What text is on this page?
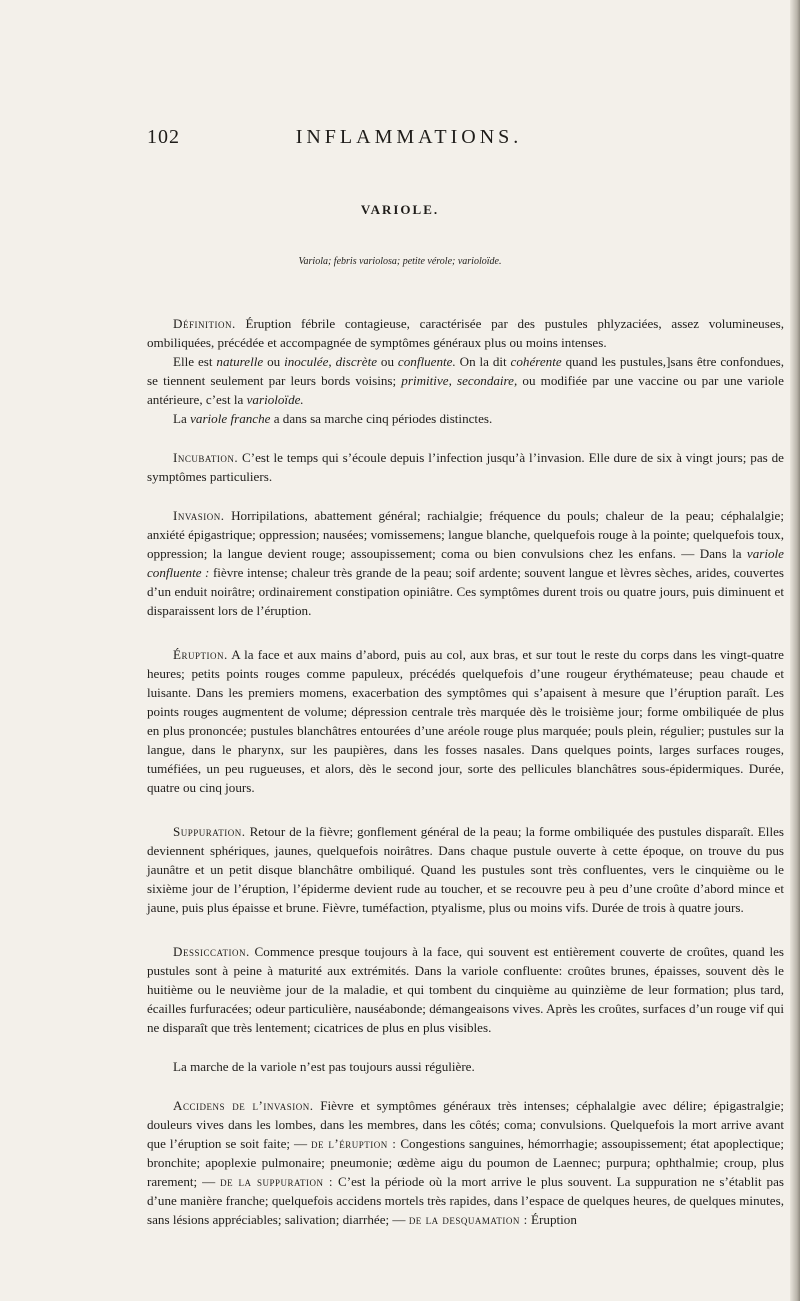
102	INFLAMMATIONS.
VARIOLE.
Variola; febris variolosa; petite vérole; varioloïde.

Définition. Éruption fébrile contagieuse, caractérisée par des pustules phlyzaciées, assez volumineuses, ombiliquées, précédée et accompagnée de symptômes généraux plus ou moins intenses.

Elle est naturelle ou inoculée, discrète ou confluente. On la dit cohérente quand les pustules,]sans être confondues, se tiennent seulement par leurs bords voisins; primitive, secondaire, ou modifiée par une vaccine ou par une variole antérieure, c’est la varioloïde.

La variole franche a dans sa marche cinq périodes distinctes.

Incubation. C’est le temps qui s’écoule depuis l’infection jusqu’à l’invasion. Elle dure de six à vingt jours; pas de symptômes particuliers.

Invasion. Horripilations, abattement général; rachialgie; fréquence du pouls; chaleur de la peau; céphalalgie; anxiété épigastrique; oppression; nausées; vomissemens; langue blanche, quelquefois rouge à la pointe; quelquefois toux, oppression; la langue devient rouge; assoupissement; coma ou bien convulsions chez les enfans. — Dans la variole confluente : fièvre intense; chaleur très grande de la peau; soif ardente; souvent langue et lèvres sèches, arides, couvertes d’un enduit noirâtre; ordinairement constipation opiniâtre. Ces symptômes durent trois ou quatre jours, puis diminuent et disparaissent lors de l’éruption.

Éruption. A la face et aux mains d’abord, puis au col, aux bras, et sur tout le reste du corps dans les vingt-quatre heures; petits points rouges comme papuleux, précédés quelquefois d’une rougeur érythémateuse; peau chaude et luisante. Dans les premiers momens, exacerbation des symptômes qui s’apaisent à mesure que l’éruption paraît. Les points rouges augmentent de volume; dépression centrale très marquée dès le troisième jour; forme ombiliquée de plus en plus prononcée; pustules blanchâtres entourées d’une aréole rouge plus marquée; pouls plein, régulier; pustules sur la langue, dans le pharynx, sur les paupières, dans les fosses nasales. Dans quelques points, larges surfaces rouges, tuméfiées, un peu rugueuses, et alors, dès le second jour, sorte des pellicules blanchâtres sous-épidermiques. Durée, quatre ou cinq jours.

Suppuration. Retour de la fièvre; gonflement général de la peau; la forme ombiliquée des pustules disparaît. Elles deviennent sphériques, jaunes, quelquefois noirâtres. Dans chaque pustule ouverte à cette époque, on trouve du pus jaunâtre et un petit disque blanchâtre ombiliqué. Quand les pustules sont très confluentes, vers le cinquième ou le sixième jour de l’éruption, l’épiderme devient rude au toucher, et se recouvre peu à peu d’une croûte d’abord mince et jaune, puis plus épaisse et brune. Fièvre, tuméfaction, ptyalisme, plus ou moins vifs. Durée de trois à quatre jours.

Dessiccation. Commence presque toujours à la face, qui souvent est entièrement couverte de croûtes, quand les pustules sont à peine à maturité aux extrémités. Dans la variole confluente: croûtes brunes, épaisses, souvent dès le huitième ou le neuvième jour de la maladie, et qui tombent du cinquième au quinzième de leur formation; plus tard, écailles furfuracées; odeur particulière, nauséabonde; démangeaisons vives. Après les croûtes, surfaces d’un rouge vif qui ne disparaît que très lentement; cicatrices de plus en plus visibles.

La marche de la variole n’est pas toujours aussi régulière.

Accidens de l’invasion. Fièvre et symptômes généraux très intenses; céphalalgie avec délire; épigastralgie; douleurs vives dans les lombes, dans les membres, dans les côtés; coma; convulsions. Quelquefois la mort arrive avant que l’éruption se soit faite; — de l’éruption : Congestions sanguines, hémorrhagie; assoupissement; état apoplectique; bronchite; apoplexie pulmonaire; pneumonie; œdème aigu du poumon de Laennec; purpura; ophthalmie; croup, plus rarement; — de la suppuration : C’est la période où la mort arrive le plus souvent. La suppuration ne s’établit pas d’une manière franche; quelquefois accidens mortels très rapides, dans l’espace de quelques heures, de quelques minutes, sans lésions appréciables; salivation; diarrhée; — de la desquamation : Éruption
